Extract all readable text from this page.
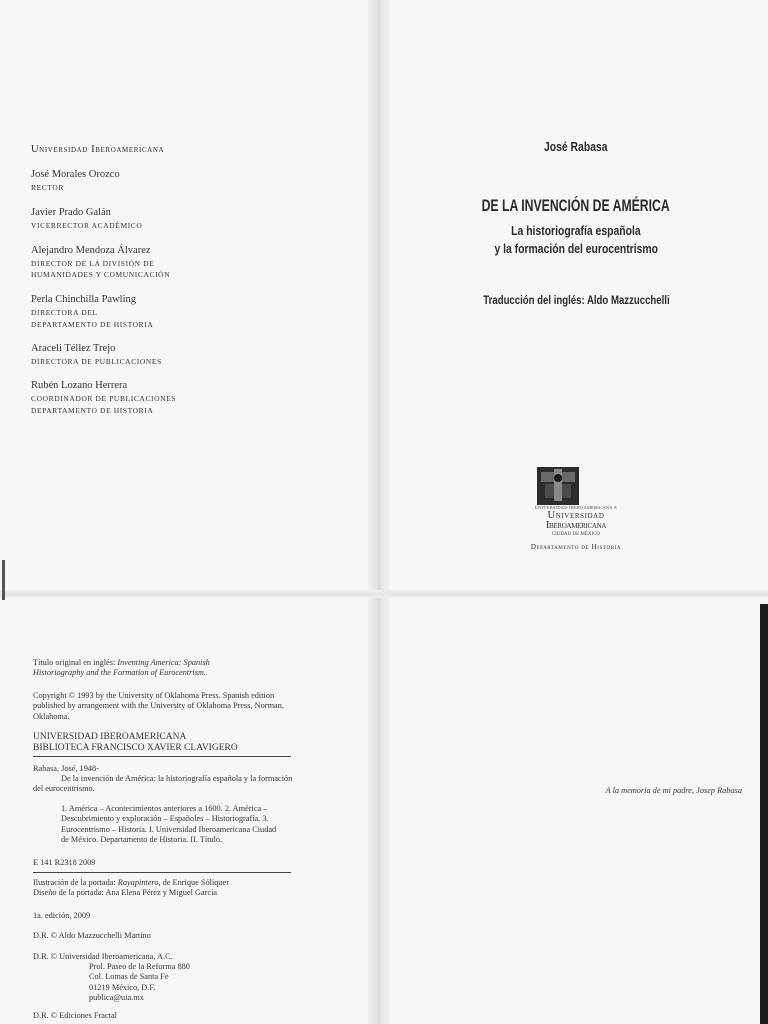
Universidad Iberoamericana
José Morales Orozco
RECTOR
Javier Prado Galán
VICERRECTOR ACADÉMICO
Alejandro Mendoza Álvarez
DIRECTOR DE LA DIVISIÓN DE
HUMANIDADES Y COMUNICACIÓN
Perla Chinchilla Pawling
DIRECTORA DEL
DEPARTAMENTO DE HISTORIA
Araceli Téllez Trejo
DIRECTORA DE PUBLICACIONES
Rubén Lozano Herrera
COORDINADOR DE PUBLICACIONES
DEPARTAMENTO DE HISTORIA
José Rabasa
DE LA INVENCIÓN DE AMÉRICA
La historiografía española
y la formación del eurocentrismo
Traducción del inglés: Aldo Mazzucchelli
UNIVERSIDAD IBEROAMERICANA ®
Universidad
Iberoamericana
CIUDAD DE MÉXICO
Departamento de Historia
Título original en inglés: Inventing America: Spanish
Historiography and the Formation of Eurocentrism.
Copyright © 1993 by the University of Oklahoma Press. Spanish edition
published by arrangement with the University of Oklahoma Press, Norman,
Oklahoma.
UNIVERSIDAD IBEROAMERICANA
BIBLIOTECA FRANCISCO XAVIER CLAVIGERO
Rabasa, José, 1948-
De la invención de América: la historiografía española y la formación
del eurocentrismo.
1. América – Acontecimientos anteriores a 1600. 2. América –
Descubrimiento y exploración – Españoles – Historiografía. 3.
Eurocentrismo – Historia. I. Universidad Iberoamericana Ciudad
de México. Departamento de Historia. II. Título.
E 141 R2318 2009
Ilustración de la portada: Rayapintero, de Enrique Sóliquer
Diseño de la portada: Ana Elena Pérez y Miguel García
1a. edición, 2009
D.R. © Aldo Mazzucchelli Martino
D.R. © Universidad Iberoamericana, A.C.
Prol. Paseo de la Reforma 880
Col. Lomas de Santa Fe
01219 México, D.F.
publica@uia.mx
D.R. © Ediciones Fractal
A la memoria de mi padre, Josep Rabasa
